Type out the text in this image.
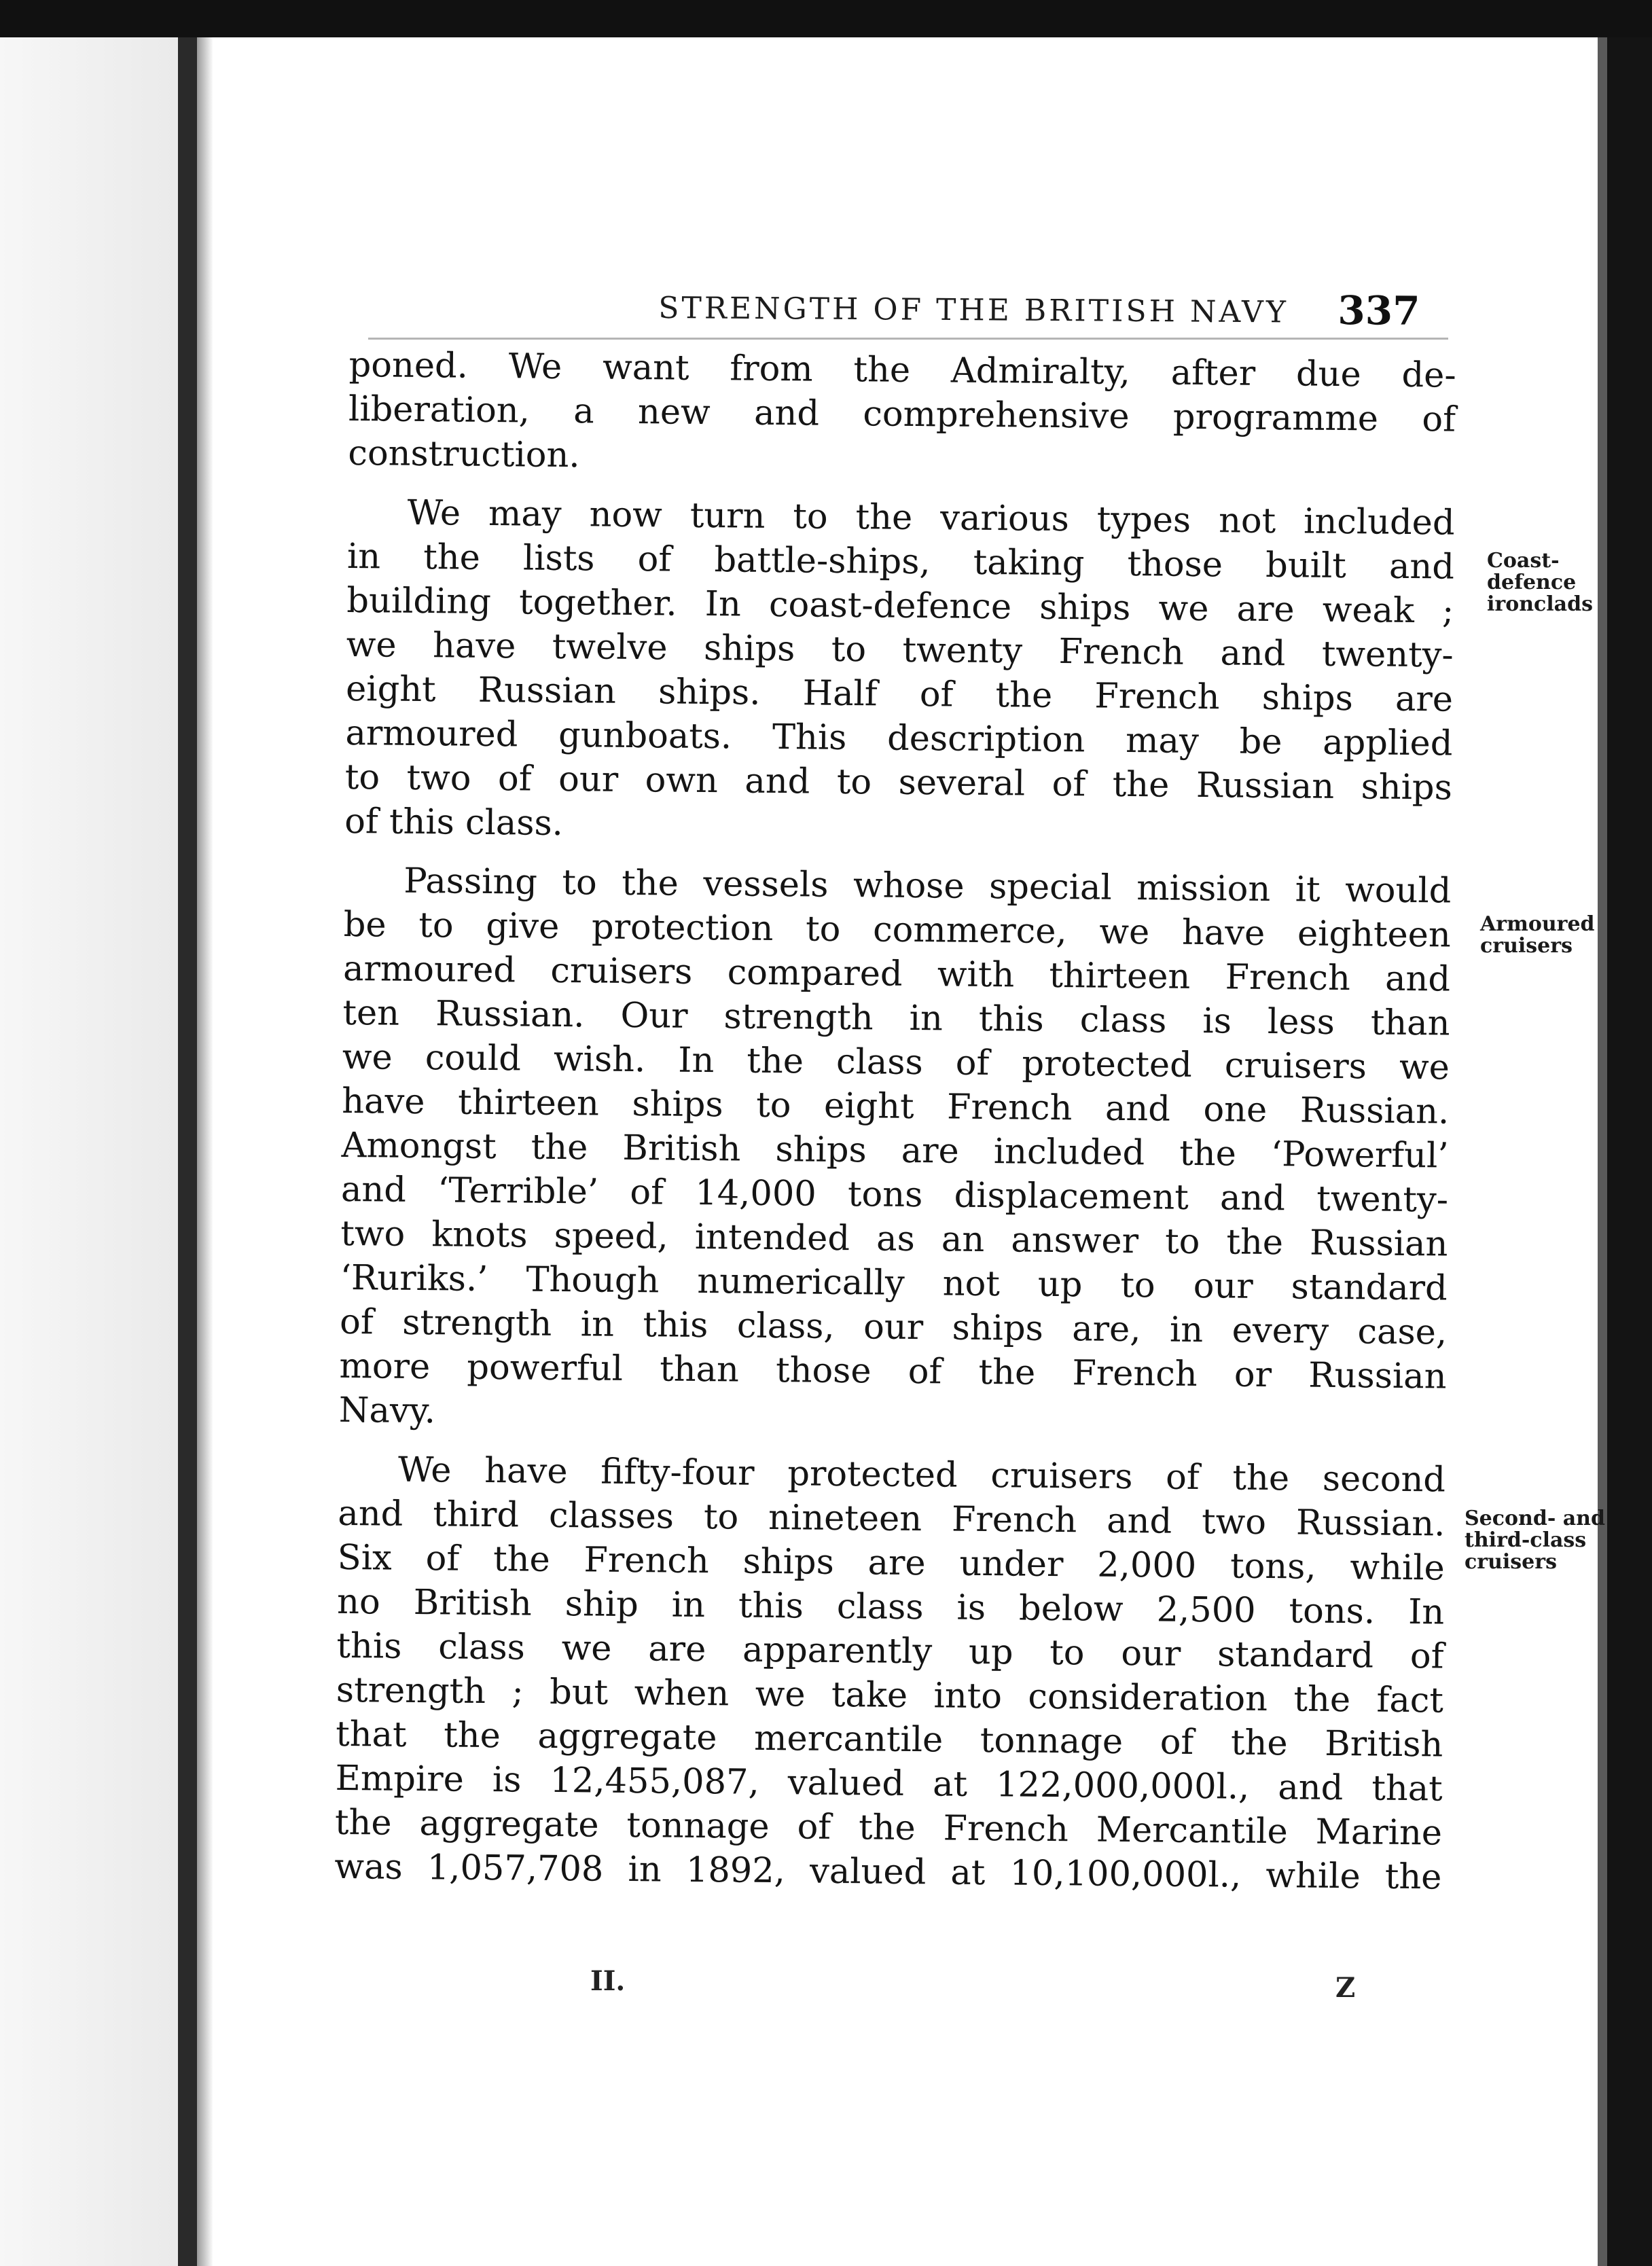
STRENGTH OF THE BRITISH NAVY 337
poned. We want from the Admiralty, after due de-
liberation, a new and comprehensive programme of
construction.
We may now turn to the various types not included
in the lists of battle-ships, taking those built and
building together. In coast-defence ships we are weak ;
we have twelve ships to twenty French and twenty-
eight Russian ships. Half of the French ships are
armoured gunboats. This description may be applied
to two of our own and to several of the Russian ships
of this class.
Passing to the vessels whose special mission it would
be to give protection to commerce, we have eighteen
armoured cruisers compared with thirteen French and
ten Russian. Our strength in this class is less than
we could wish. In the class of protected cruisers we
have thirteen ships to eight French and one Russian.
Amongst the British ships are included the ‘Powerful’
and ‘Terrible’ of 14,000 tons displacement and twenty-
two knots speed, intended as an answer to the Russian
‘Ruriks.’ Though numerically not up to our standard
of strength in this class, our ships are, in every case,
more powerful than those of the French or Russian
Navy.
We have fifty-four protected cruisers of the second
and third classes to nineteen French and two Russian.
Six of the French ships are under 2,000 tons, while
no British ship in this class is below 2,500 tons. In
this class we are apparently up to our standard of
strength ; but when we take into consideration the fact
that the aggregate mercantile tonnage of the British
Empire is 12,455,087, valued at 122,000,000l., and that
the aggregate tonnage of the French Mercantile Marine
was 1,057,708 in 1892, valued at 10,100,000l., while the
Coast-
defence
ironclads
Armoured
cruisers
Second- and
third-class
cruisers
II.	Z
